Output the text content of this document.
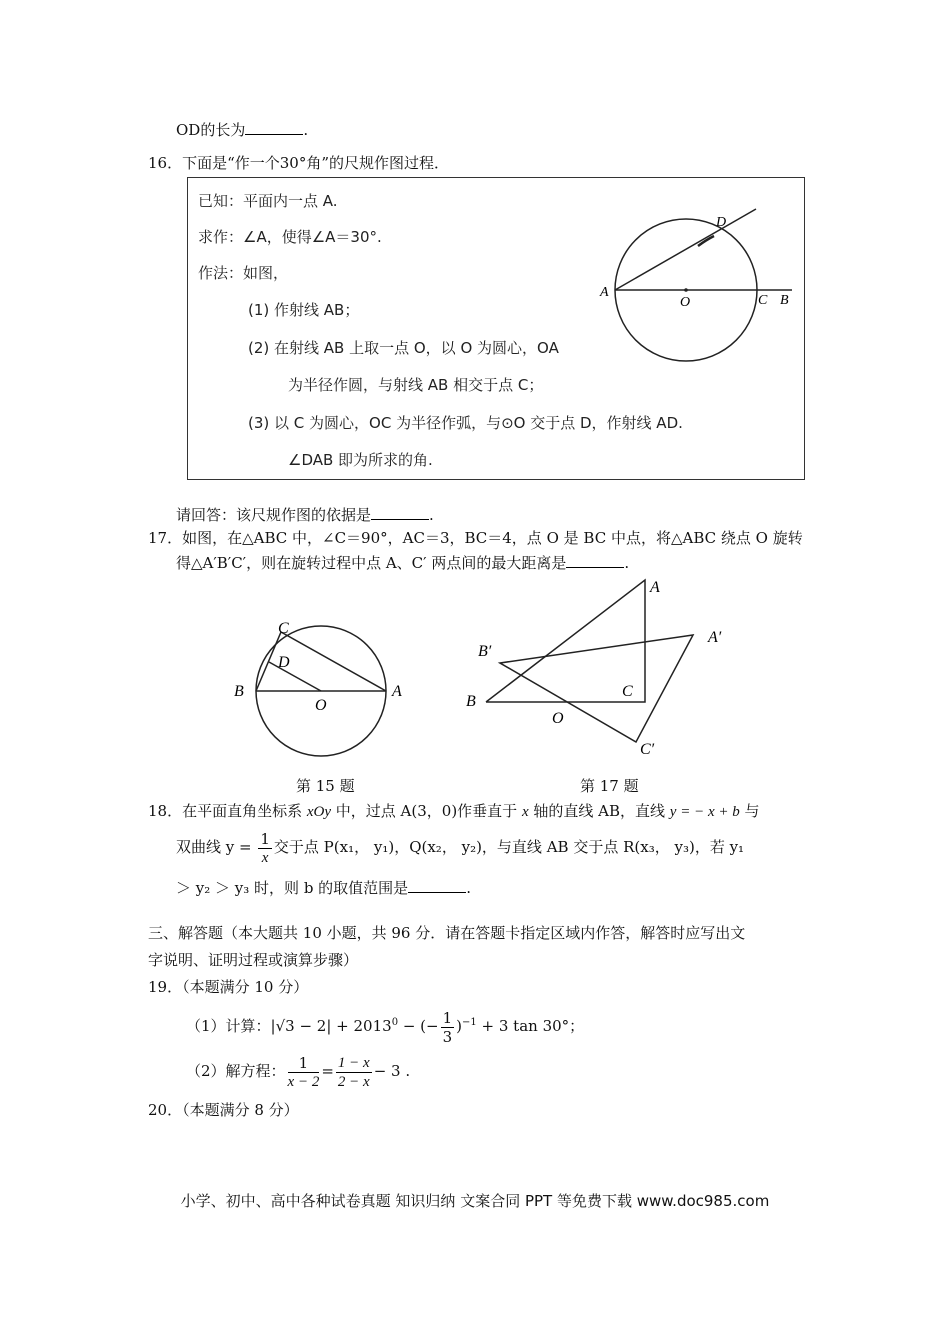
OD的长为	.
16．下面是“作一个30°角”的尺规作图过程．
已知：平面内一点 A.
求作：∠A，使得∠A＝30°.
作法：如图，
(1) 作射线 AB；
(2) 在射线 AB 上取一点 O，以 O 为圆心，OA
为半径作圆，与射线 AB 相交于点 C；
(3) 以 C 为圆心，OC 为半径作弧，与⊙O 交于点 D，作射线 AD.
∠DAB 即为所求的角.
A
O	C B
D
请回答：该尺规作图的依据是	.
17．如图，在△ABC 中，∠C＝90°，AC＝3，BC＝4，点 O 是 BC 中点，将△ABC 绕点 O 旋转
得△A′B′C′，则在旋转过程中点 A、C′ 两点间的最大距离是	.
C
D
B
O
A
A
A′
B′
B
C
O
C′
第 15 题	第 17 题
18．在平面直角坐标系 xOy 中，过点 A(3，0)作垂直于 x 轴的直线 AB，直线 y = − x + b 与
双曲线 $y = \frac{1}{x}$ 交于点 P(x₁， y₁)，Q(x₂， y₂)，与直线 AB 交于点 R(x₃， y₃)，若 y₁
＞ y₂ ＞ y₃ 时，则 b 的取值范围是	.
三、解答题（本大题共 10 小题，共 96 分．请在答题卡指定区域内作答，解答时应写出文
字说明、证明过程或演算步骤）
19．（本题满分 10 分）
（1）计算：$|√3 - 2| + 2013^0$ − (− $\frac{1}{3} )^{-1} + 3$ tan 30°；
（2）解方程： $\frac{1}{x - 2} = \frac{1 - x}{2 - x} - 3$ .
20．（本题满分 8 分）
小学、初中、高中各种试卷真题 知识归纳 文案合同 PPT 等免费下载 www.doc985.com
